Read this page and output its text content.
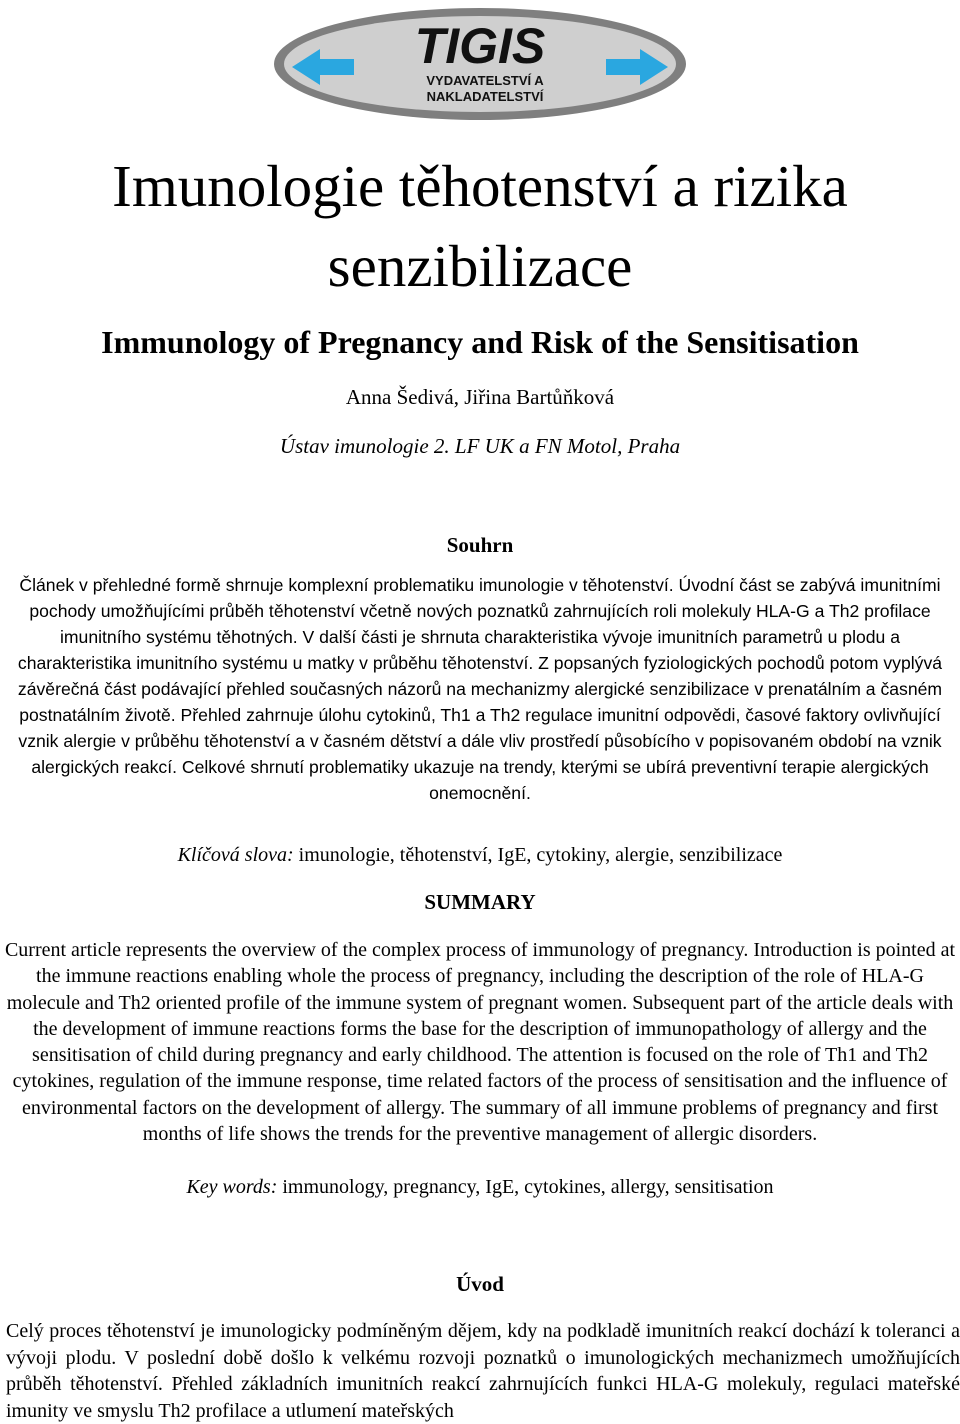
TIGIS
VYDAVATELSTVÍ A
NAKLADATELSTVÍ
Imunologie těhotenství a rizika
senzibilizace
Immunology of Pregnancy and Risk of the Sensitisation
Anna Šedivá, Jiřina Bartůňková
Ústav imunologie 2. LF UK a FN Motol, Praha
Souhrn

Článek v přehledné formě shrnuje komplexní problematiku imunologie v těhotenství. Úvodní část se zabývá imunitními pochody umožňujícími průběh těhotenství včetně nových poznatků zahrnujících roli molekuly HLA-G a Th2 profilace imunitního systému těhotných. V další části je shrnuta charakteristika vývoje imunitních parametrů u plodu a charakteristika imunitního systému u matky v průběhu těhotenství. Z popsaných fyziologických pochodů potom vyplývá závěrečná část podávající přehled současných názorů na mechanizmy alergické senzibilizace v prenatálním a časném postnatálním životě. Přehled zahrnuje úlohu cytokinů, Th1 a Th2 regulace imunitní odpovědi, časové faktory ovlivňující vznik alergie v průběhu těhotenství a v časném dětství a dále vliv prostředí působícího v popisovaném období na vznik alergických reakcí. Celkové shrnutí problematiky ukazuje na trendy, kterými se ubírá preventivní terapie alergických onemocnění.

Klíčová slova: imunologie, těhotenství, IgE, cytokiny, alergie, senzibilizace
SUMMARY

Current article represents the overview of the complex process of immunology of pregnancy. Introduction is pointed at the immune reactions enabling whole the process of pregnancy, including the description of the role of HLA-G molecule and Th2 oriented profile of the immune system of pregnant women. Subsequent part of the article deals with the development of immune reactions forms the base for the description of immunopathology of allergy and the sensitisation of child during pregnancy and early childhood. The attention is focused on the role of Th1 and Th2 cytokines, regulation of the immune response, time related factors of the process of sensitisation and the influence of environmental factors on the development of allergy. The summary of all immune problems of pregnancy and first months of life shows the trends for the preventive management of allergic disorders.

Key words: immunology, pregnancy, IgE, cytokines, allergy, sensitisation
Úvod

Celý proces těhotenství je imunologicky podmíněným dějem, kdy na podkladě imunitních reakcí dochází k toleranci a vývoji plodu. V poslední době došlo k velkému rozvoji poznatků o imunologických mechanizmech umožňujících průběh těhotenství. Přehled základních imunitních reakcí zahrnujících funkci HLA-G molekuly, regulaci mateřské imunity ve smyslu Th2 profilace a utlumení mateřských
